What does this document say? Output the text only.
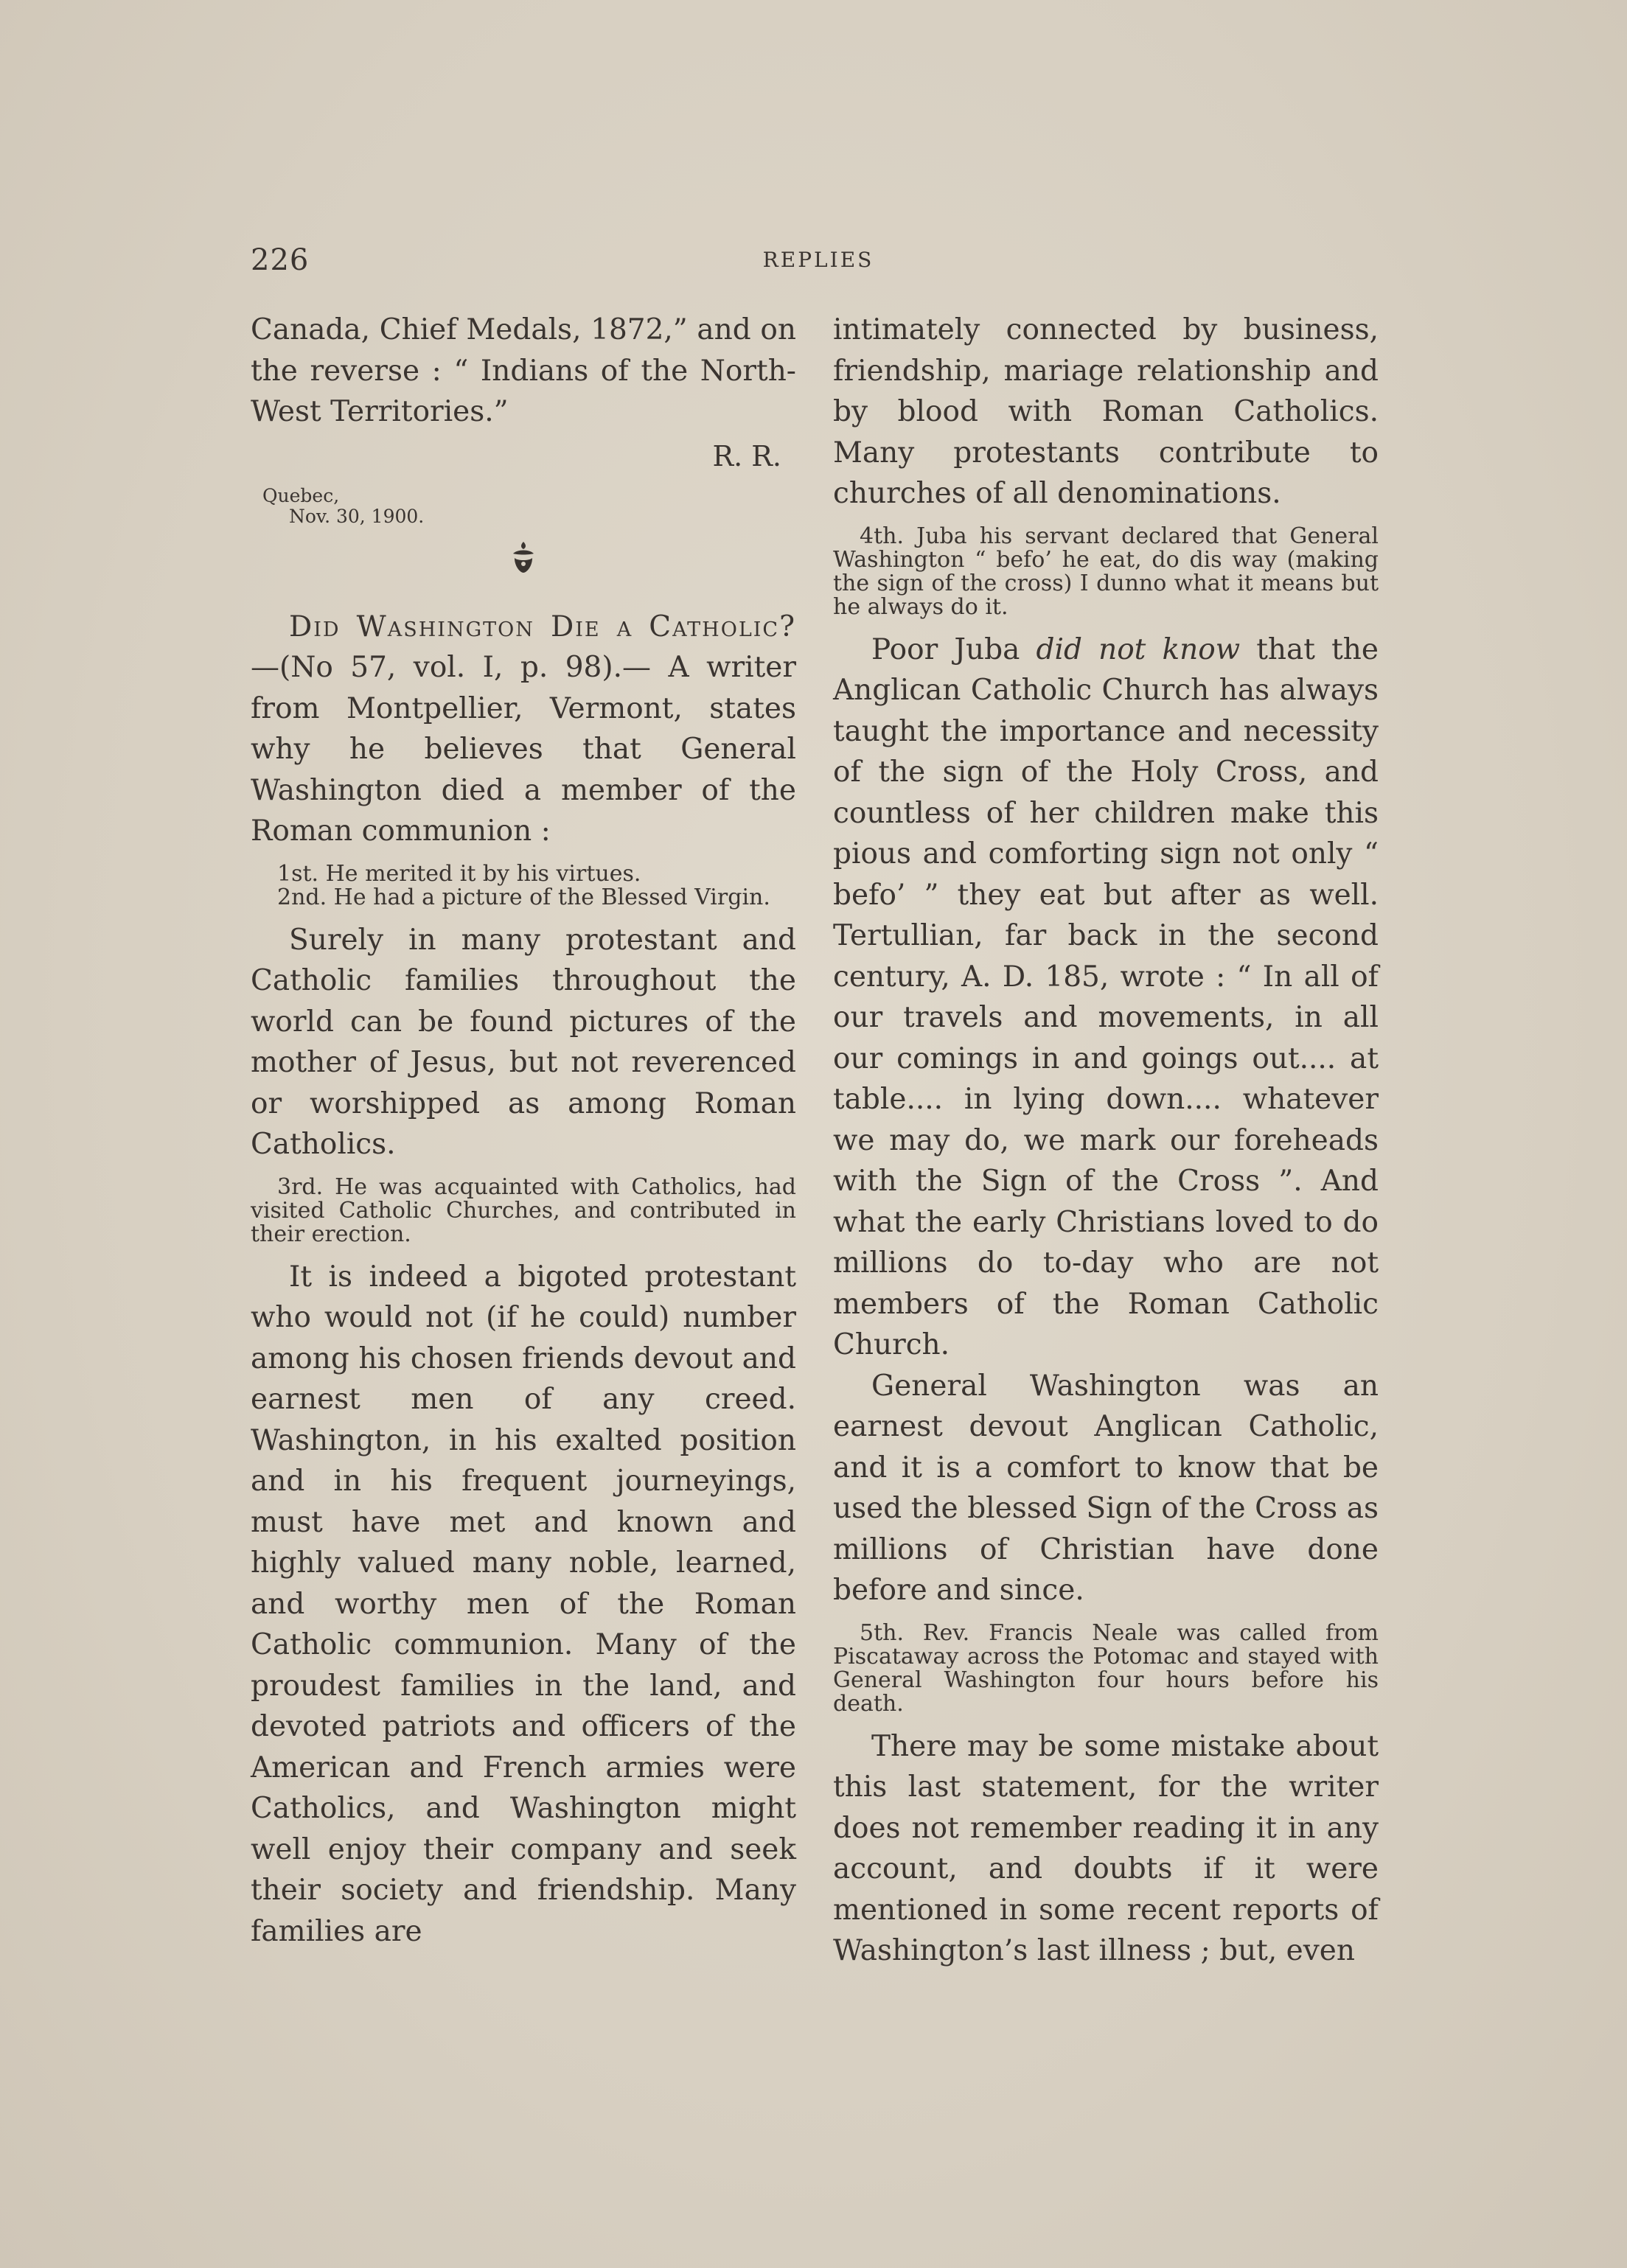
226	REPLIES

Canada, Chief Medals, 1872,” and on the reverse : “ Indians of the North-West Territories.”

R. R.

Quebec,
Nov. 30, 1900.

Did Washington Die a Catholic?—(No 57, vol. I, p. 98).— A writer from Montpellier, Vermont, states why he believes that General Washington died a member of the Roman communion :

1st. He merited it by his virtues.

2nd. He had a picture of the Blessed Virgin.

Surely in many protestant and Catholic families throughout the world can be found pictures of the mother of Jesus, but not reverenced or worshipped as among Roman Catholics.

3rd. He was acquainted with Catholics, had visited Catholic Churches, and contributed in their erection.

It is indeed a bigoted protestant who would not (if he could) number among his chosen friends devout and earnest men of any creed. Washington, in his exalted position and in his frequent journeyings, must have met and known and highly valued many noble, learned, and worthy men of the Roman Catholic communion. Many of the proudest families in the land, and devoted patriots and officers of the American and French armies were Catholics, and Washington might well enjoy their company and seek their society and friendship. Many families are

intimately connected by business, friendship, mariage relationship and by blood with Roman Catholics. Many protestants contribute to churches of all denominations.

4th. Juba his servant declared that General Washington “ befo’ he eat, do dis way (making the sign of the cross) I dunno what it means but he always do it.

Poor Juba did not know that the Anglican Catholic Church has always taught the importance and necessity of the sign of the Holy Cross, and countless of her children make this pious and comforting sign not only “ befo’ ” they eat but after as well. Tertullian, far back in the second century, A. D. 185, wrote : “ In all of our travels and movements, in all our comings in and goings out.... at table.... in lying down.... whatever we may do, we mark our foreheads with the Sign of the Cross ”. And what the early Christians loved to do millions do to-day who are not members of the Roman Catholic Church.

General Washington was an earnest devout Anglican Catholic, and it is a comfort to know that be used the blessed Sign of the Cross as millions of Christian have done before and since.

5th. Rev. Francis Neale was called from Piscataway across the Potomac and stayed with General Washington four hours before his death.

There may be some mistake about this last statement, for the writer does not remember reading it in any account, and doubts if it were mentioned in some recent reports of Washington’s last illness ; but, even
